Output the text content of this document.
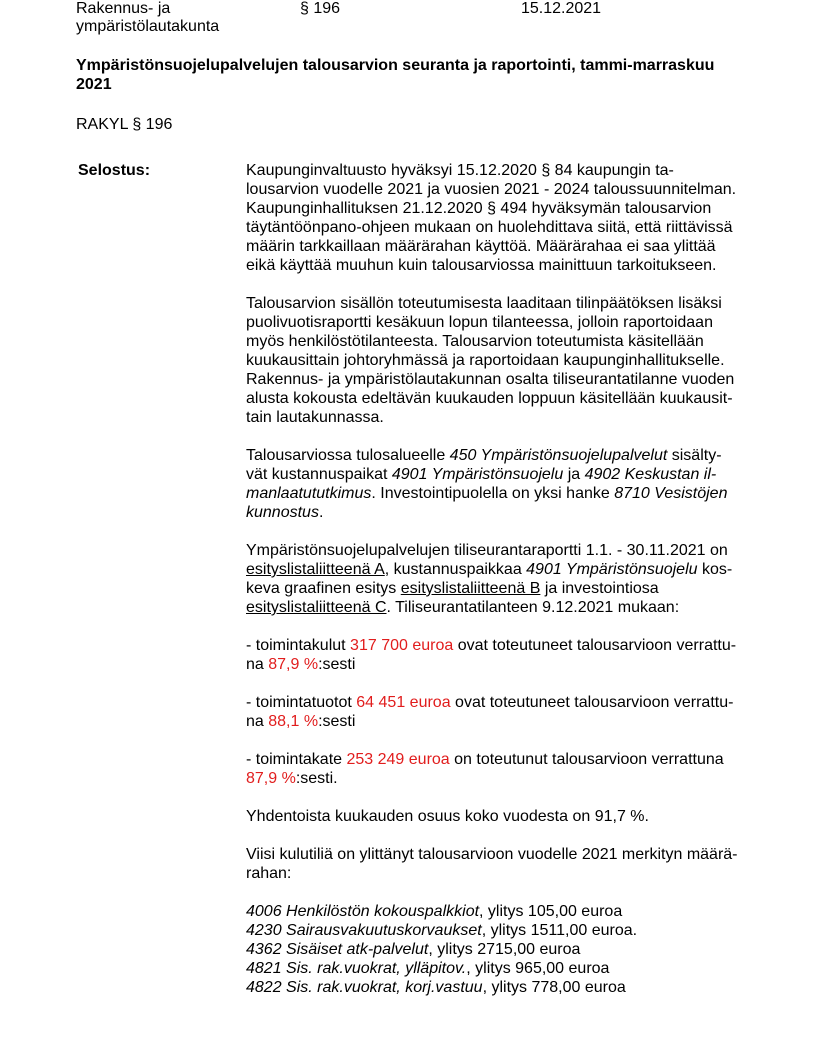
Rakennus- ja
ympäristölautakunta
§ 196	15.12.2021
Ympäristönsuojelupalvelujen talousarvion seuranta ja raportointi, tammi-marraskuu
2021
RAKYL § 196
Selostus:	Kaupunginvaltuusto hyväksyi 15.12.2020 § 84 kaupungin ta-
lousarvion vuodelle 2021 ja vuosien 2021 - 2024 taloussuunnitelman.
Kaupunginhallituksen 21.12.2020 § 494 hyväksymän talousarvion
täytäntöönpano-ohjeen mukaan on huolehdittava siitä, että riittävissä
määrin tarkkaillaan määrärahan käyttöä. Määrärahaa ei saa ylittää
eikä käyttää muuhun kuin talousarviossa mainittuun tarkoitukseen.

Talousarvion sisällön toteutumisesta laaditaan tilinpäätöksen lisäksi
puolivuotisraportti kesäkuun lopun tilanteessa, jolloin raportoidaan
myös henkilöstötilanteesta. Talousarvion toteutumista käsitellään
kuukausittain johtoryhmässä ja raportoidaan kaupunginhallitukselle.
Rakennus- ja ympäristölautakunnan osalta tiliseurantatilanne vuoden
alusta kokousta edeltävän kuukauden loppuun käsitellään kuukausit-
tain lautakunnassa.

Talousarviossa tulosalueelle 450 Ympäristönsuojelupalvelut sisälty-
vät kustannuspaikat 4901 Ympäristönsuojelu ja 4902 Keskustan il-
manlaatututkimus. Investointipuolella on yksi hanke 8710 Vesistöjen
kunnostus.

Ympäristönsuojelupalvelujen tiliseurantaraportti 1.1. - 30.11.2021 on
esityslistaliitteenä A, kustannuspaikkaa 4901 Ympäristönsuojelu kos-
keva graafinen esitys esityslistaliitteenä B ja investointiosa
esityslistaliitteenä C. Tiliseurantatilanteen 9.12.2021 mukaan:

- toimintakulut 317 700 euroa ovat toteutuneet talousarvioon verrattu-
na 87,9 %:sesti

- toimintatuotot 64 451 euroa ovat toteutuneet talousarvioon verrattu-
na 88,1 %:sesti

- toimintakate 253 249 euroa on toteutunut talousarvioon verrattuna
87,9 %:sesti.

Yhdentoista kuukauden osuus koko vuodesta on 91,7 %.

Viisi kulutiliä on ylittänyt talousarvioon vuodelle 2021 merkityn määrä-
rahan:

4006 Henkilöstön kokouspalkkiot, ylitys 105,00 euroa
4230 Sairausvakuutuskorvaukset, ylitys 1511,00 euroa.
4362 Sisäiset atk-palvelut, ylitys 2715,00 euroa
4821 Sis. rak.vuokrat, ylläpitov., ylitys 965,00 euroa
4822 Sis. rak.vuokrat, korj.vastuu, ylitys 778,00 euroa
